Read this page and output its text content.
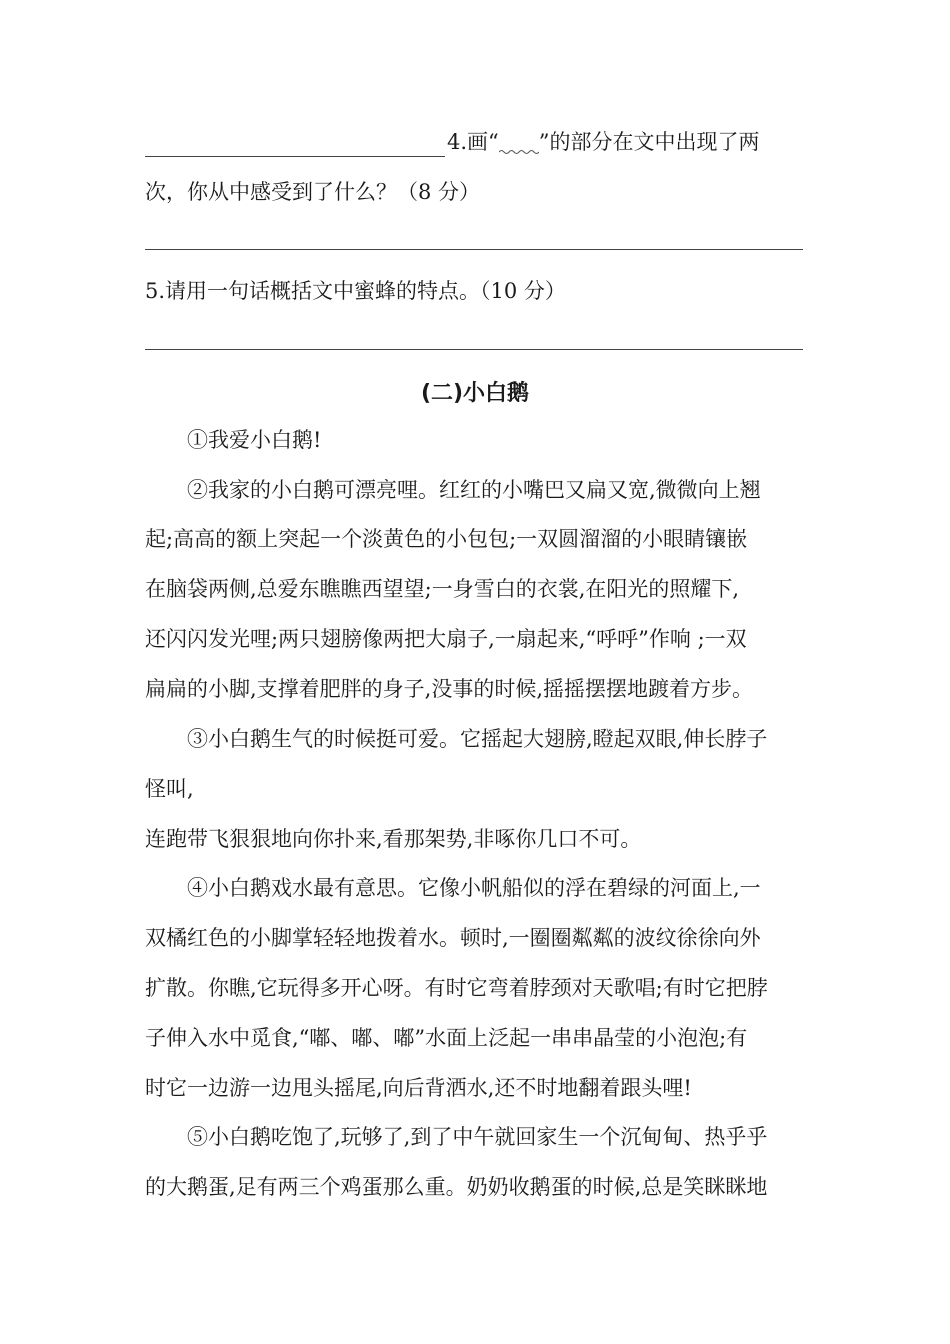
4.画“ ”的部分在文中出现了两
次，你从中感受到了什么？（8 分）
5.请用一句话概括文中蜜蜂的特点。（10 分）
(二)小白鹅
①我爱小白鹅!
②我家的小白鹅可漂亮哩。红红的小嘴巴又扁又宽,微微向上翘
起;高高的额上突起一个淡黄色的小包包;一双圆溜溜的小眼睛镶嵌
在脑袋两侧,总爱东瞧瞧西望望;一身雪白的衣裳,在阳光的照耀下,
还闪闪发光哩;两只翅膀像两把大扇子,一扇起来,“呼呼”作响 ;一双
扁扁的小脚,支撑着肥胖的身子,没事的时候,摇摇摆摆地踱着方步。
③小白鹅生气的时候挺可爱。它摇起大翅膀,瞪起双眼,伸长脖子
怪叫,
连跑带飞狠狠地向你扑来,看那架势,非啄你几口不可。
④小白鹅戏水最有意思。它像小帆船似的浮在碧绿的河面上,一
双橘红色的小脚掌轻轻地拨着水。顿时,一圈圈粼粼的波纹徐徐向外
扩散。你瞧,它玩得多开心呀。有时它弯着脖颈对天歌唱;有时它把脖
子伸入水中觅食,“嘟、嘟、嘟”水面上泛起一串串晶莹的小泡泡;有
时它一边游一边甩头摇尾,向后背洒水,还不时地翻着跟头哩!
⑤小白鹅吃饱了,玩够了,到了中午就回家生一个沉甸甸、热乎乎
的大鹅蛋,足有两三个鸡蛋那么重。奶奶收鹅蛋的时候,总是笑眯眯地
